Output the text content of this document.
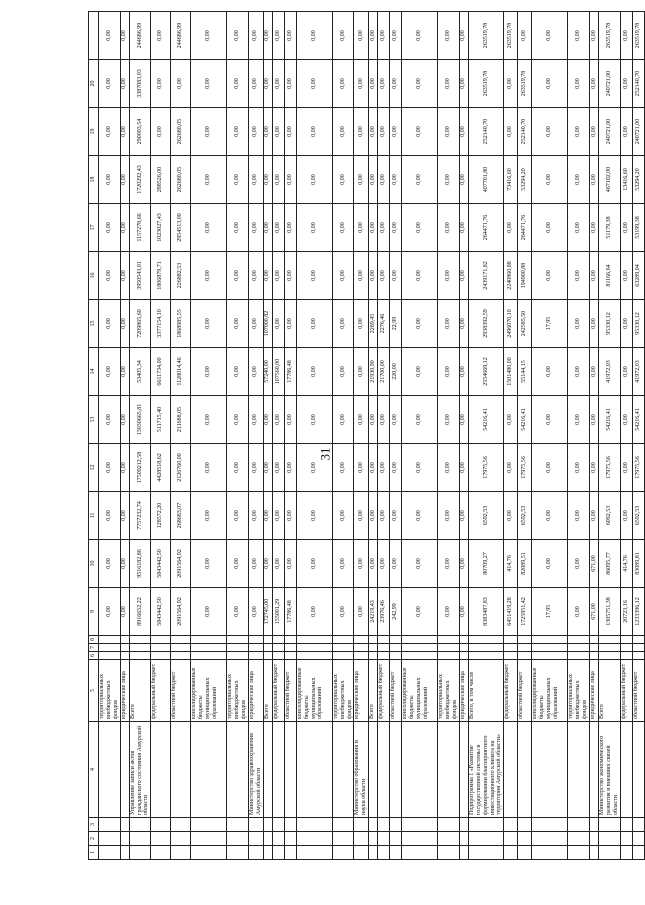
31
1	2	3	4	5	6	7	8	9	10	11	12	13	14	15	16	17	18	19	20	
				территориальных внебюджетных фондов				0,00	0,00	0,00	0,00	0,00	0,00	0,00	0,00	0,00	0,00	0,00	0,00	0,00
				юридические лица				0,00	0,00	0,00	0,00	0,00	0,00	0,00	0,00	0,00	0,00	0,00	0,00	0,00
			Управление записи актов гражданского состояния Амурской области	Всего				8916652,22	9516182,86	7757232,74	17509212,58	13030665,81	53405,34	7209865,60	3950543,01	1157278,66	1720292,43	290003,54	3387083,03	244686,99
				федеральный бюджет				5843442,50	5843442,50	128572,20	4428518,62	511715,40	6611734,00	3377154,10	1806879,71	1023027,43	288526,00	0,00	0,00	0,00
				областной бюджет				2091564,92	2091564,92	268683,07	2126760,00	211688,05	1128014,46	1868985,55	226882,53	2954513,00	262680,05	262680,05	0,00	244686,99
				консолидированные бюджеты муниципальных образований				0,00	0,00	0,00	0,00	0,00	0,00	0,00	0,00	0,00	0,00	0,00	0,00	0,00
				территориальных внебюджетных фондов				0,00	0,00	0,00	0,00	0,00	0,00	0,00	0,00	0,00	0,00	0,00	0,00	0,00
			Министерство здравоохранения Амурской области	юридические лица				0,00	0,00	0,00	0,00	0,00	0,00	0,00	0,00	0,00	0,00	0,00	0,00	0,00
				Всего				172745,00	0,00	0,00	0,00	0,00	57240,00	107000,82	0,00	0,00	0,00	0,00	0,00	0,00
				федеральный бюджет				155001,29	0,00	0,00	0,00	0,00	107560,00	0,00	0,00	0,00	0,00	0,00	0,00	0,00
				областной бюджет				17786,48	0,00	0,00	0,00	0,00	17786,48	0,00	0,00	0,00	0,00	0,00	0,00	0,00
				консолидированные бюджеты муниципальных образований				0,00	0,00	0,00	0,00	0,00	0,00	0,00	0,00	0,00	0,00	0,00	0,00	0,00
				территориальных внебюджетных фондов				0,00	0,00	0,00	0,00	0,00	0,00	0,00	0,00	0,00	0,00	0,00	0,00	0,00
			Министерство образования и науки области	юридические лица				0,00	0,00	0,00	0,00	0,00	0,00	0,00	0,00	0,00	0,00	0,00	0,00	0,00
				Всего				24219,43	0,00	0,00	0,00	0,00	21930,90	2289,45	0,00	0,00	0,00	0,00	0,00	0,00
				федеральный бюджет				23976,46	0,00	0,00	0,00	0,00	21700,00	2276,46	0,00	0,00	0,00	0,00	0,00	0,00
				областной бюджет				242,99	0,00	0,00	0,00	0,00	220,00	22,99	0,00	0,00	0,00	0,00	0,00	0,00
				консолидированные бюджеты муниципальных образований				0,00	0,00	0,00	0,00	0,00	0,00	0,00	0,00	0,00	0,00	0,00	0,00	0,00
				территориальных внебюджетных фондов				0,00	0,00	0,00	0,00	0,00	0,00	0,00	0,00	0,00	0,00	0,00	0,00	0,00
				юридические лица				0,00	0,00	0,00	0,00	0,00	0,00	0,00	0,00	0,00	0,00	0,00	0,00	0,00
			Подпрограмма 1 «Развитие государственной системы в формировании благоприятного инвестиционного климата на территории Амурской области»	Всего, в том числе				8383487,83	80709,27	6592,53	17975,56	54216,41	2554669,12	2938392,59	2439171,82	264471,76	407701,80	252140,70	263519,78	263519,78
				федеральный бюджет				6451419,28	414,76	0,00	0,00	0,00	1501480,00	2496070,10	2240860,88	0,00	73416,60	0,00	0,00	263519,78
				областной бюджет				1725951,42	82089,51	6592,53	17975,56	54216,41	55144,15	242585,50	194900,88	264471,76	53294,20	252140,70	263519,78	0,00
				консолидированные бюджеты муниципальных образований				17,95	0,00	0,00	0,00	0,00	0,00	17,95	0,00	0,00	0,00	0,00	0,00	0,00
				территориальных внебюджетных фондов				0,00	0,00	0,00	0,00	0,00	0,00	0,00	0,00	0,00	0,00	0,00	0,00	0,00
				юридические лица				671,00	671,00	0,00	0,00	0,00	0,00	0,00	0,00	0,00	0,00	0,00	0,00	0,00
			Министерство экономического развития и внешних связей области	Всего				1305751,38	86095,77	6092,53	17975,56	54216,41	41972,03	95330,12	81166,64	51179,38	467102,00	240721,00	240721,00	263519,78
				федеральный бюджет				20723,16	414,76	0,00	0,00	0,00	0,00	0,00	0,00	0,00	13416,60	0,00	0,00	0,00
				областной бюджет				1233396,12	83089,81	6592,53	17975,56	54216,41	41972,03	95330,12	63289,04	53199,38	53294,20	240721,00	252140,70	263519,78
